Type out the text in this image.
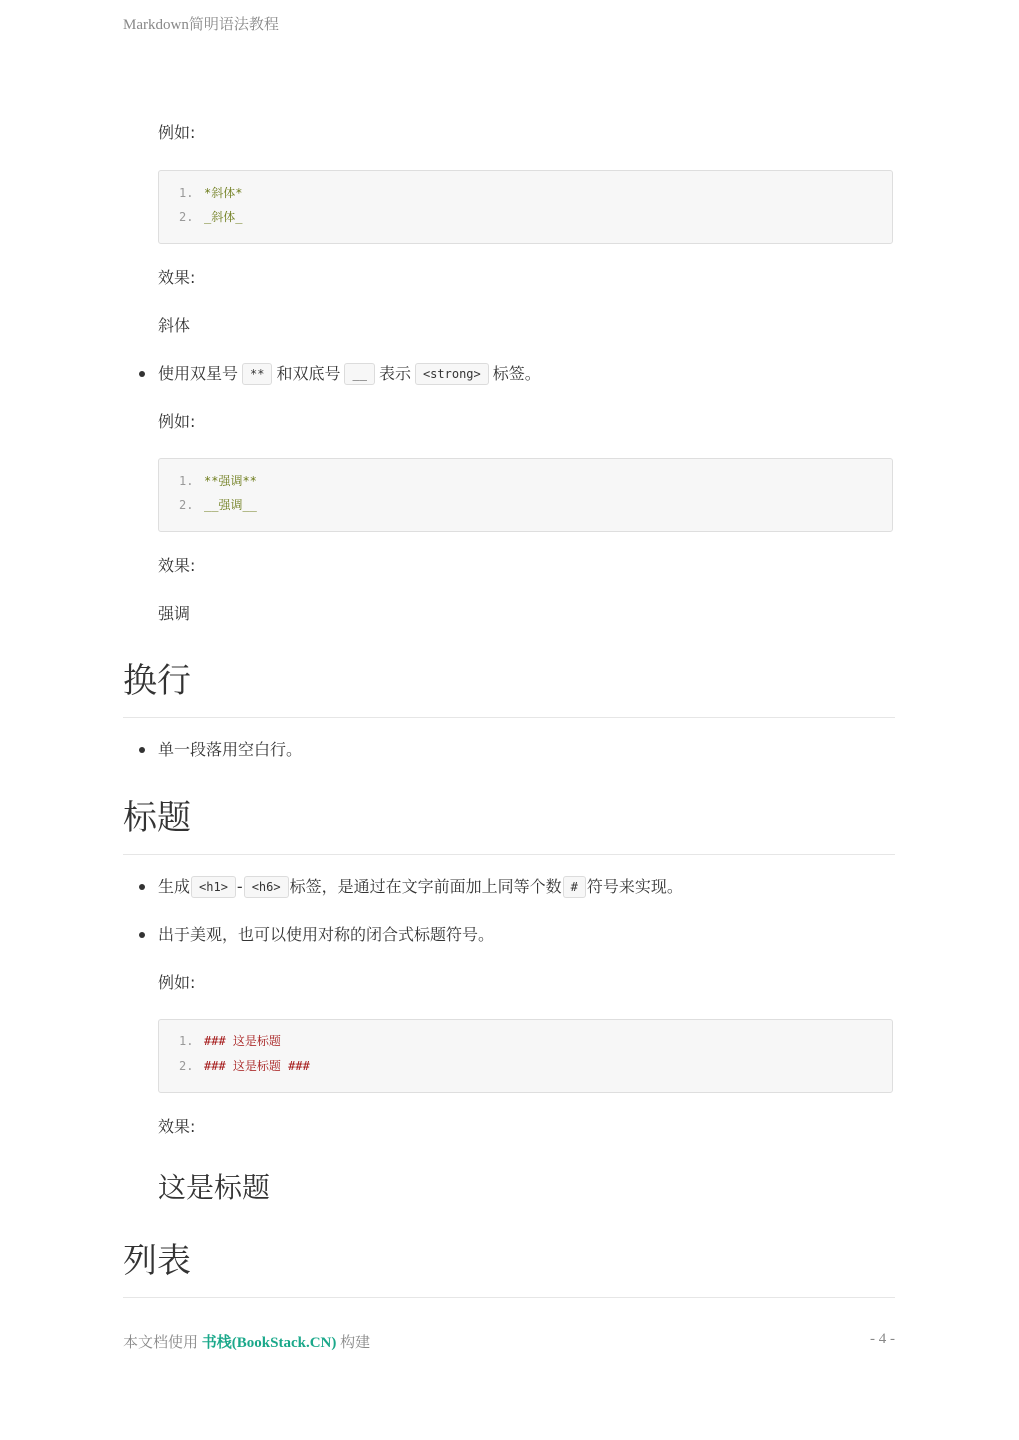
Markdown简明语法教程
例如:
1. *斜体*
2. _斜体_
效果:
斜体
使用双星号 ** 和双底号 __ 表示 <strong> 标签。
例如:
1. **强调**
2. __强调__
效果:
强调
换行
单一段落用空白行。
标题
生成 <h1> - <h6> 标签，是通过在文字前面加上同等个数 # 符号来实现。
出于美观，也可以使用对称的闭合式标题符号。
例如:
1. ### 这是标题
2. ### 这是标题 ###
效果:
这是标题
列表
本文档使用 书栈(BookStack.CN) 构建	- 4 -
